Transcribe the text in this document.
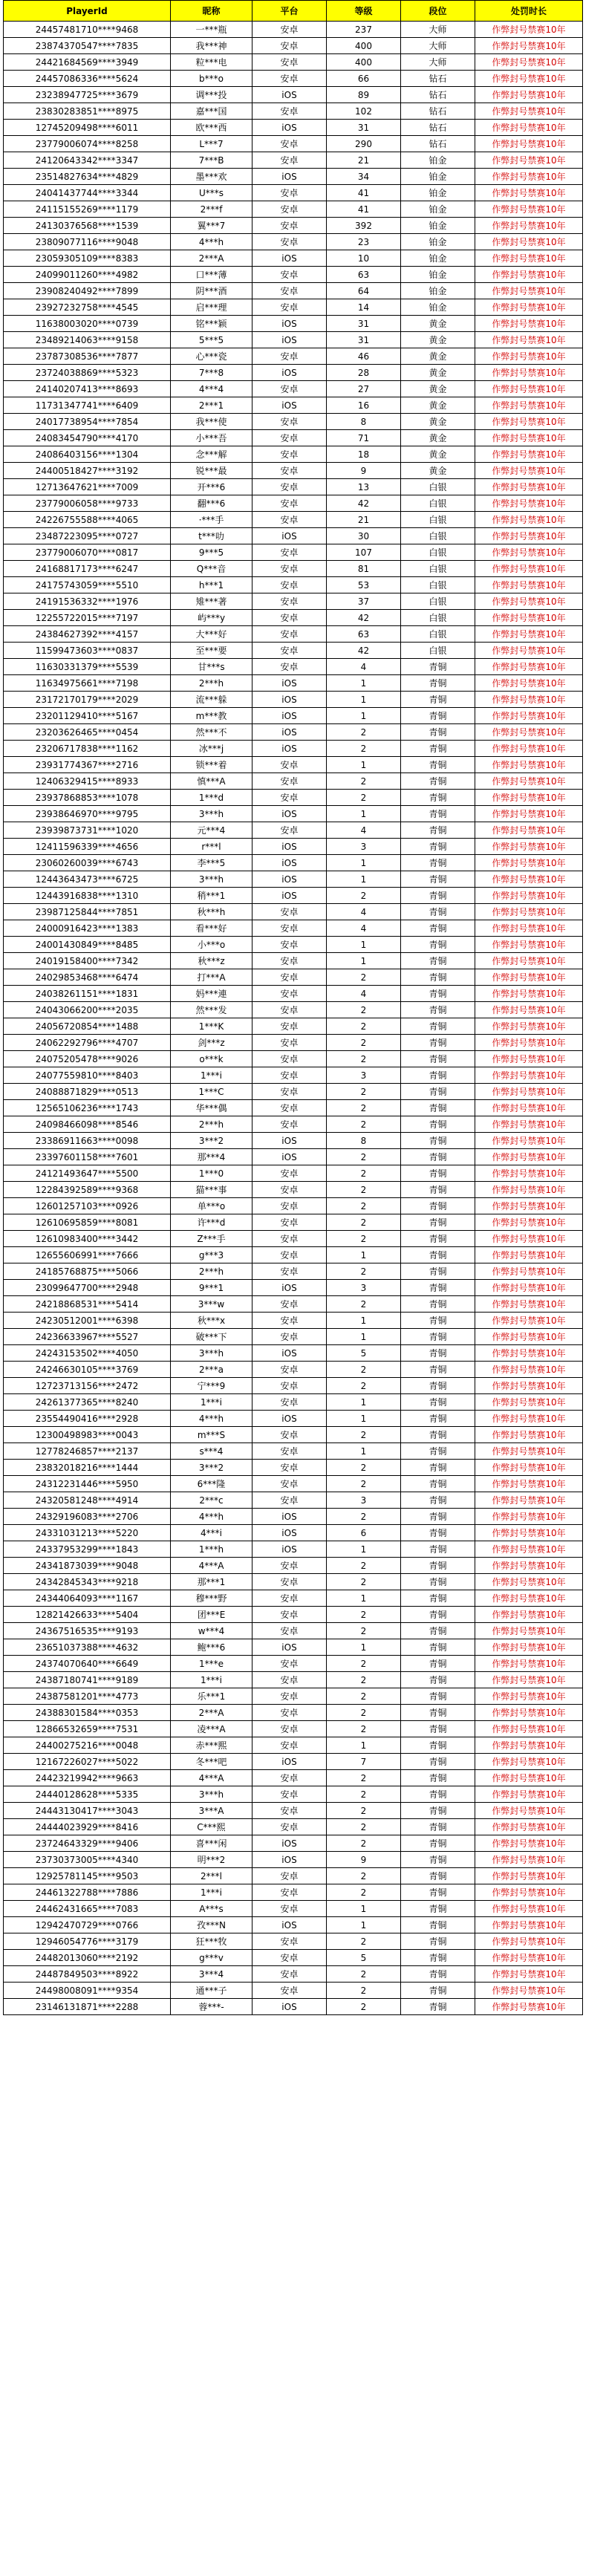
PlayerId	昵称	平台	等级	段位	处罚时长
24457481710****9468	一***瓶	安卓	237	大师	作弊封号禁赛10年
23874370547****7835	我***神	安卓	400	大师	作弊封号禁赛10年
24421684569****3949	粒***电	安卓	400	大师	作弊封号禁赛10年
24457086336****5624	b***o	安卓	66	钻石	作弊封号禁赛10年
23238947725****3679	调***投	iOS	89	钻石	作弊封号禁赛10年
23830283851****8975	嘉***国	安卓	102	钻石	作弊封号禁赛10年
12745209498****6011	欧***西	iOS	31	钻石	作弊封号禁赛10年
23779006074****8258	L***7	安卓	290	钻石	作弊封号禁赛10年
24120643342****3347	7***B	安卓	21	铂金	作弊封号禁赛10年
23514827634****4829	墨***欢	iOS	34	铂金	作弊封号禁赛10年
24041437744****3344	U***s	安卓	41	铂金	作弊封号禁赛10年
24115155269****1179	2***f	安卓	41	铂金	作弊封号禁赛10年
24130376568****1539	翼***7	安卓	392	铂金	作弊封号禁赛10年
23809077116****9048	4***h	安卓	23	铂金	作弊封号禁赛10年
23059305109****8383	2***A	iOS	10	铂金	作弊封号禁赛10年
24099011260****4982	口***薄	安卓	63	铂金	作弊封号禁赛10年
23908240492****7899	阴***酒	安卓	64	铂金	作弊封号禁赛10年
23927232758****4545	启***理	安卓	14	铂金	作弊封号禁赛10年
11638003020****0739	铭***颖	iOS	31	黄金	作弊封号禁赛10年
23489214063****9158	5***5	iOS	31	黄金	作弊封号禁赛10年
23787308536****7877	心***瓷	安卓	46	黄金	作弊封号禁赛10年
23724038869****5323	7***8	iOS	28	黄金	作弊封号禁赛10年
24140207413****8693	4***4	安卓	27	黄金	作弊封号禁赛10年
11731347741****6409	2***1	iOS	16	黄金	作弊封号禁赛10年
24017738954****7854	我***使	安卓	8	黄金	作弊封号禁赛10年
24083454790****4170	小***吾	安卓	71	黄金	作弊封号禁赛10年
24086403156****1304	念***解	安卓	18	黄金	作弊封号禁赛10年
24400518427****3192	锐***最	安卓	9	黄金	作弊封号禁赛10年
12713647621****7009	开***6	安卓	13	白银	作弊封号禁赛10年
23779006058****9733	翻***6	安卓	42	白银	作弊封号禁赛10年
24226755588****4065	·***手	安卓	21	白银	作弊封号禁赛10年
23487223095****0727	t***叻	iOS	30	白银	作弊封号禁赛10年
23779006070****0817	9***5	安卓	107	白银	作弊封号禁赛10年
24168817173****6247	Q***音	安卓	81	白银	作弊封号禁赛10年
24175743059****5510	h***1	安卓	53	白银	作弊封号禁赛10年
24191536332****1976	雉***著	安卓	37	白银	作弊封号禁赛10年
12255722015****7197	屿***y	安卓	42	白银	作弊封号禁赛10年
24384627392****4157	大***好	安卓	63	白银	作弊封号禁赛10年
11599473603****0837	至***要	安卓	42	白银	作弊封号禁赛10年
11630331379****5539	甘***s	安卓	4	青铜	作弊封号禁赛10年
11634975661****7198	2***h	iOS	1	青铜	作弊封号禁赛10年
23172170179****2029	流***躲	iOS	1	青铜	作弊封号禁赛10年
23201129410****5167	m***教	iOS	1	青铜	作弊封号禁赛10年
23203626465****0454	然***不	iOS	2	青铜	作弊封号禁赛10年
23206717838****1162	冰***j	iOS	2	青铜	作弊封号禁赛10年
23931774367****2716	锁***着	安卓	1	青铜	作弊封号禁赛10年
12406329415****8933	慎***A	安卓	2	青铜	作弊封号禁赛10年
23937868853****1078	1***d	安卓	2	青铜	作弊封号禁赛10年
23938646970****9795	3***h	iOS	1	青铜	作弊封号禁赛10年
23939873731****1020	元***4	安卓	4	青铜	作弊封号禁赛10年
12411596339****4656	r***l	iOS	3	青铜	作弊封号禁赛10年
23060260039****6743	李***5	iOS	1	青铜	作弊封号禁赛10年
12443643473****6725	3***h	iOS	1	青铜	作弊封号禁赛10年
12443916838****1310	稍***1	iOS	2	青铜	作弊封号禁赛10年
23987125844****7851	秋***h	安卓	4	青铜	作弊封号禁赛10年
24000916423****1383	看***好	安卓	4	青铜	作弊封号禁赛10年
24001430849****8485	小***o	安卓	1	青铜	作弊封号禁赛10年
24019158400****7342	秋***z	安卓	1	青铜	作弊封号禁赛10年
24029853468****6474	打***A	安卓	2	青铜	作弊封号禁赛10年
24038261151****1831	妈***連	安卓	4	青铜	作弊封号禁赛10年
24043066200****2035	然***发	安卓	2	青铜	作弊封号禁赛10年
24056720854****1488	1***K	安卓	2	青铜	作弊封号禁赛10年
24062292796****4707	剑***z	安卓	2	青铜	作弊封号禁赛10年
24075205478****9026	o***k	安卓	2	青铜	作弊封号禁赛10年
24077559810****8403	1***i	安卓	3	青铜	作弊封号禁赛10年
24088871829****0513	1***C	安卓	2	青铜	作弊封号禁赛10年
12565106236****1743	华***偶	安卓	2	青铜	作弊封号禁赛10年
24098466098****8546	2***h	安卓	2	青铜	作弊封号禁赛10年
23386911663****0098	3***2	iOS	8	青铜	作弊封号禁赛10年
23397601158****7601	那***4	iOS	2	青铜	作弊封号禁赛10年
24121493647****5500	1***0	安卓	2	青铜	作弊封号禁赛10年
12284392589****9368	猫***事	安卓	2	青铜	作弊封号禁赛10年
12601257103****0926	单***o	安卓	2	青铜	作弊封号禁赛10年
12610695859****8081	许***d	安卓	2	青铜	作弊封号禁赛10年
12610983400****3442	Z***手	安卓	2	青铜	作弊封号禁赛10年
12655606991****7666	g***3	安卓	1	青铜	作弊封号禁赛10年
24185768875****5066	2***h	安卓	2	青铜	作弊封号禁赛10年
23099647700****2948	9***1	iOS	3	青铜	作弊封号禁赛10年
24218868531****5414	3***w	安卓	2	青铜	作弊封号禁赛10年
24230512001****6398	秋***x	安卓	1	青铜	作弊封号禁赛10年
24236633967****5527	破***下	安卓	1	青铜	作弊封号禁赛10年
24243153502****4050	3***h	iOS	5	青铜	作弊封号禁赛10年
24246630105****3769	2***a	安卓	2	青铜	作弊封号禁赛10年
12723713156****2472	宁***9	安卓	2	青铜	作弊封号禁赛10年
24261377365****8240	1***i	安卓	1	青铜	作弊封号禁赛10年
23554490416****2928	4***h	iOS	1	青铜	作弊封号禁赛10年
12300498983****0043	m***S	安卓	2	青铜	作弊封号禁赛10年
12778246857****2137	s***4	安卓	1	青铜	作弊封号禁赛10年
23832018216****1444	3***2	安卓	2	青铜	作弊封号禁赛10年
24312231446****5950	6***隆	安卓	2	青铜	作弊封号禁赛10年
24320581248****4914	2***c	安卓	3	青铜	作弊封号禁赛10年
24329196083****2706	4***h	iOS	2	青铜	作弊封号禁赛10年
24331031213****5220	4***i	iOS	6	青铜	作弊封号禁赛10年
24337953299****1843	1***h	iOS	1	青铜	作弊封号禁赛10年
24341873039****9048	4***A	安卓	2	青铜	作弊封号禁赛10年
24342845343****9218	那***1	安卓	2	青铜	作弊封号禁赛10年
24344064093****1167	穆***野	安卓	1	青铜	作弊封号禁赛10年
12821426633****5404	团***E	安卓	2	青铜	作弊封号禁赛10年
24367516535****9193	w***4	安卓	2	青铜	作弊封号禁赛10年
23651037388****4632	鲍***6	iOS	1	青铜	作弊封号禁赛10年
24374070640****6649	1***e	安卓	2	青铜	作弊封号禁赛10年
24387180741****9189	1***i	安卓	2	青铜	作弊封号禁赛10年
24387581201****4773	乐***1	安卓	2	青铜	作弊封号禁赛10年
24388301584****0353	2***A	安卓	2	青铜	作弊封号禁赛10年
12866532659****7531	凌***A	安卓	2	青铜	作弊封号禁赛10年
24400275216****0048	赤***熙	安卓	1	青铜	作弊封号禁赛10年
12167226027****5022	冬***吧	iOS	7	青铜	作弊封号禁赛10年
24423219942****9663	4***A	安卓	2	青铜	作弊封号禁赛10年
24440128628****5335	3***h	安卓	2	青铜	作弊封号禁赛10年
24443130417****3043	3***A	安卓	2	青铜	作弊封号禁赛10年
24444023929****8416	C***熙	安卓	2	青铜	作弊封号禁赛10年
23724643329****9406	喜***闲	iOS	2	青铜	作弊封号禁赛10年
23730373005****4340	明***2	iOS	9	青铜	作弊封号禁赛10年
12925781145****9503	2***l	安卓	2	青铜	作弊封号禁赛10年
24461322788****7886	1***i	安卓	2	青铜	作弊封号禁赛10年
24462431665****7083	A***s	安卓	1	青铜	作弊封号禁赛10年
12942470729****0766	孜***N	iOS	1	青铜	作弊封号禁赛10年
12946054776****3179	狂***牧	安卓	2	青铜	作弊封号禁赛10年
24482013060****2192	g***v	安卓	5	青铜	作弊封号禁赛10年
24487849503****8922	3***4	安卓	2	青铜	作弊封号禁赛10年
24498008091****9354	通***子	安卓	2	青铜	作弊封号禁赛10年
23146131871****2288	蓉***-	iOS	2	青铜	作弊封号禁赛10年
